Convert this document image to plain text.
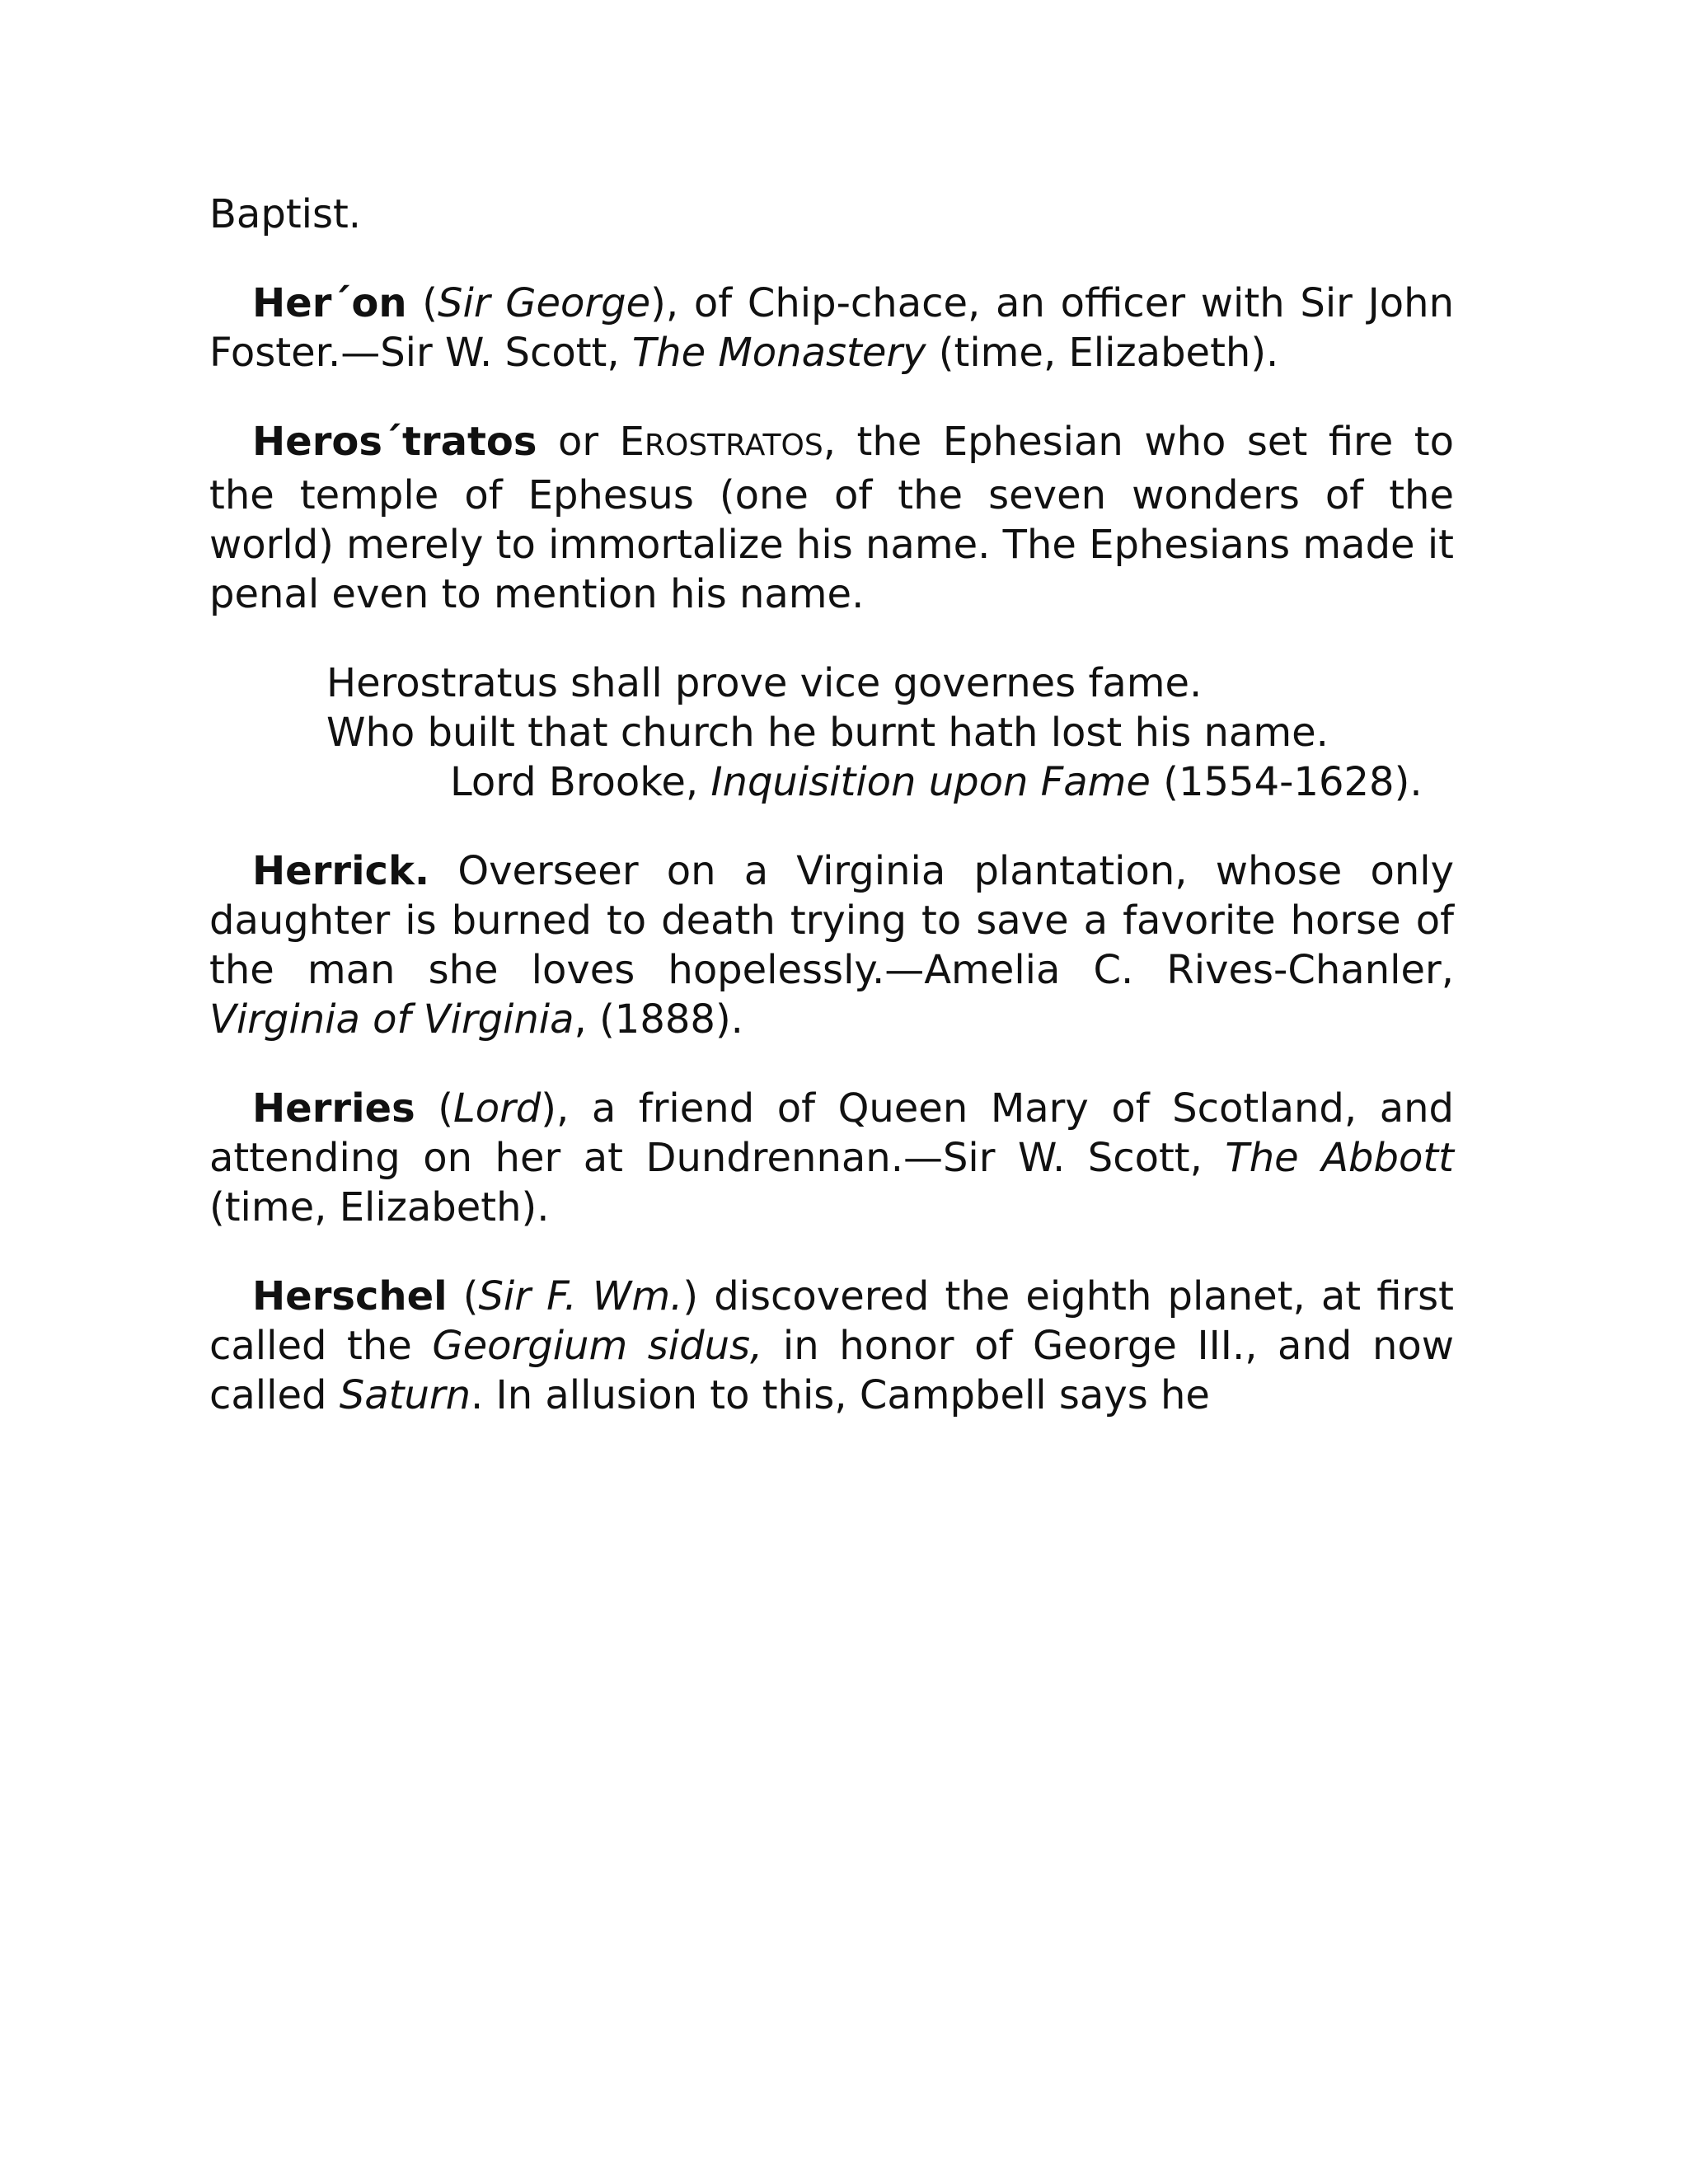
Baptist.

Her´on (Sir George), of Chip-chace, an officer with Sir John Foster.—Sir W. Scott, The Monastery (time, Elizabeth).

Heros´tratos or EROSTRATOS, the Ephesian who set fire to the temple of Ephesus (one of the seven wonders of the world) merely to immortalize his name. The Ephesians made it penal even to mention his name.

Herostratus shall prove vice governes fame.
Who built that church he burnt hath lost his name.
Lord Brooke, Inquisition upon Fame (1554-1628).

Herrick. Overseer on a Virginia plantation, whose only daughter is burned to death trying to save a favorite horse of the man she loves hopelessly.—Amelia C. Rives-Chanler, Virginia of Virginia, (1888).

Herries (Lord), a friend of Queen Mary of Scotland, and attending on her at Dundrennan.—Sir W. Scott, The Abbott (time, Elizabeth).

Herschel (Sir F. Wm.) discovered the eighth planet, at first called the Georgium sidus, in honor of George III., and now called Saturn. In allusion to this, Campbell says he
